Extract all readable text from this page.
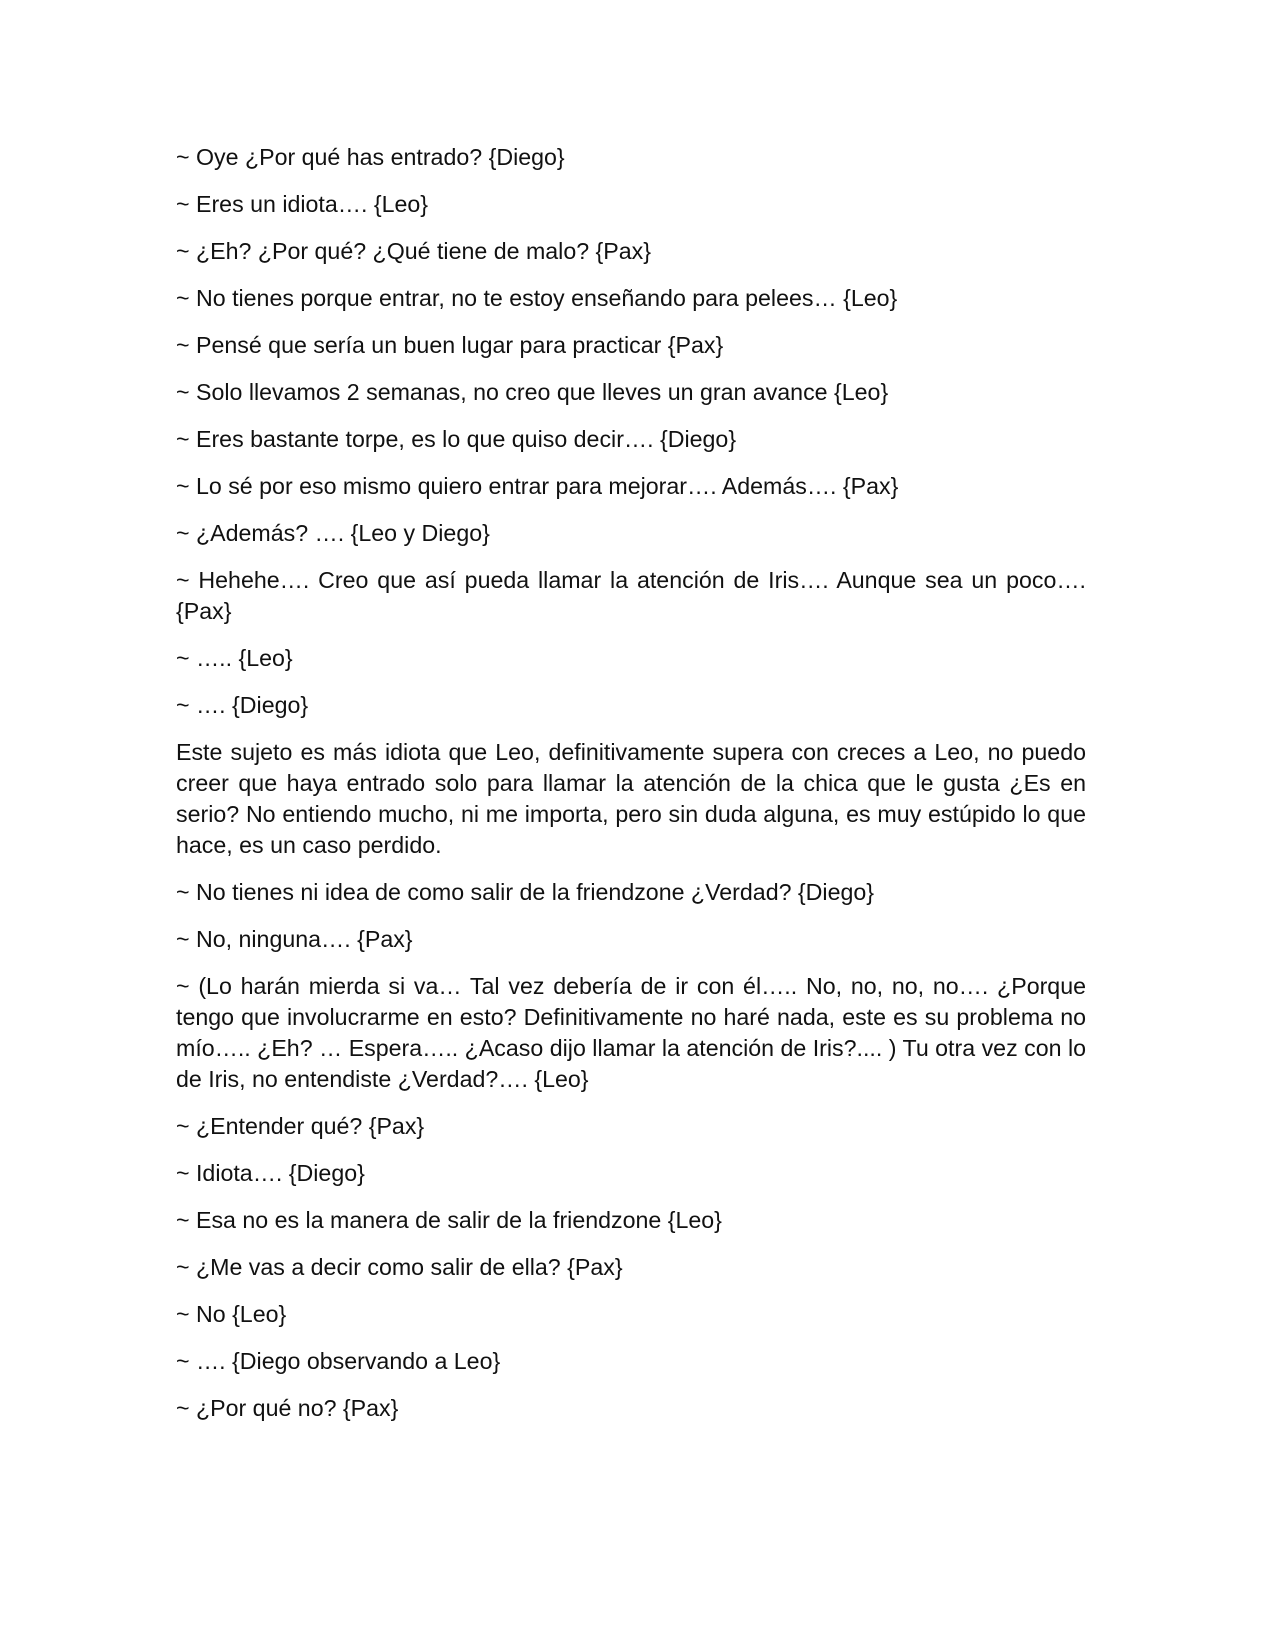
~ Oye ¿Por qué has entrado? {Diego}

~ Eres un idiota…. {Leo}

~ ¿Eh? ¿Por qué? ¿Qué tiene de malo? {Pax}

~ No tienes porque entrar, no te estoy enseñando para pelees… {Leo}

~ Pensé que sería un buen lugar para practicar {Pax}

~ Solo llevamos 2 semanas, no creo que lleves un gran avance {Leo}

~ Eres bastante torpe, es lo que quiso decir…. {Diego}

~ Lo sé por eso mismo quiero entrar para mejorar…. Además…. {Pax}

~ ¿Además? …. {Leo y Diego}

~ Hehehe…. Creo que así pueda llamar la atención de Iris…. Aunque sea un poco…. {Pax}

~ ….. {Leo}

~ …. {Diego}

Este sujeto es más idiota que Leo, definitivamente supera con creces a Leo, no puedo creer que haya entrado solo para llamar la atención de la chica que le gusta ¿Es en serio? No entiendo mucho, ni me importa, pero sin duda alguna, es muy estúpido lo que hace, es un caso perdido.

~ No tienes ni idea de como salir de la friendzone ¿Verdad? {Diego}

~ No, ninguna…. {Pax}

~ (Lo harán mierda si va… Tal vez debería de ir con él….. No, no, no, no…. ¿Porque tengo que involucrarme en esto? Definitivamente no haré nada, este es su problema no mío….. ¿Eh? … Espera….. ¿Acaso dijo llamar la atención de Iris?.... ) Tu otra vez con lo de Iris, no entendiste ¿Verdad?…. {Leo}

~ ¿Entender qué? {Pax}

~ Idiota…. {Diego}

~ Esa no es la manera de salir de la friendzone {Leo}

~ ¿Me vas a decir como salir de ella? {Pax}

~ No {Leo}

~ …. {Diego observando a Leo}

~ ¿Por qué no? {Pax}
